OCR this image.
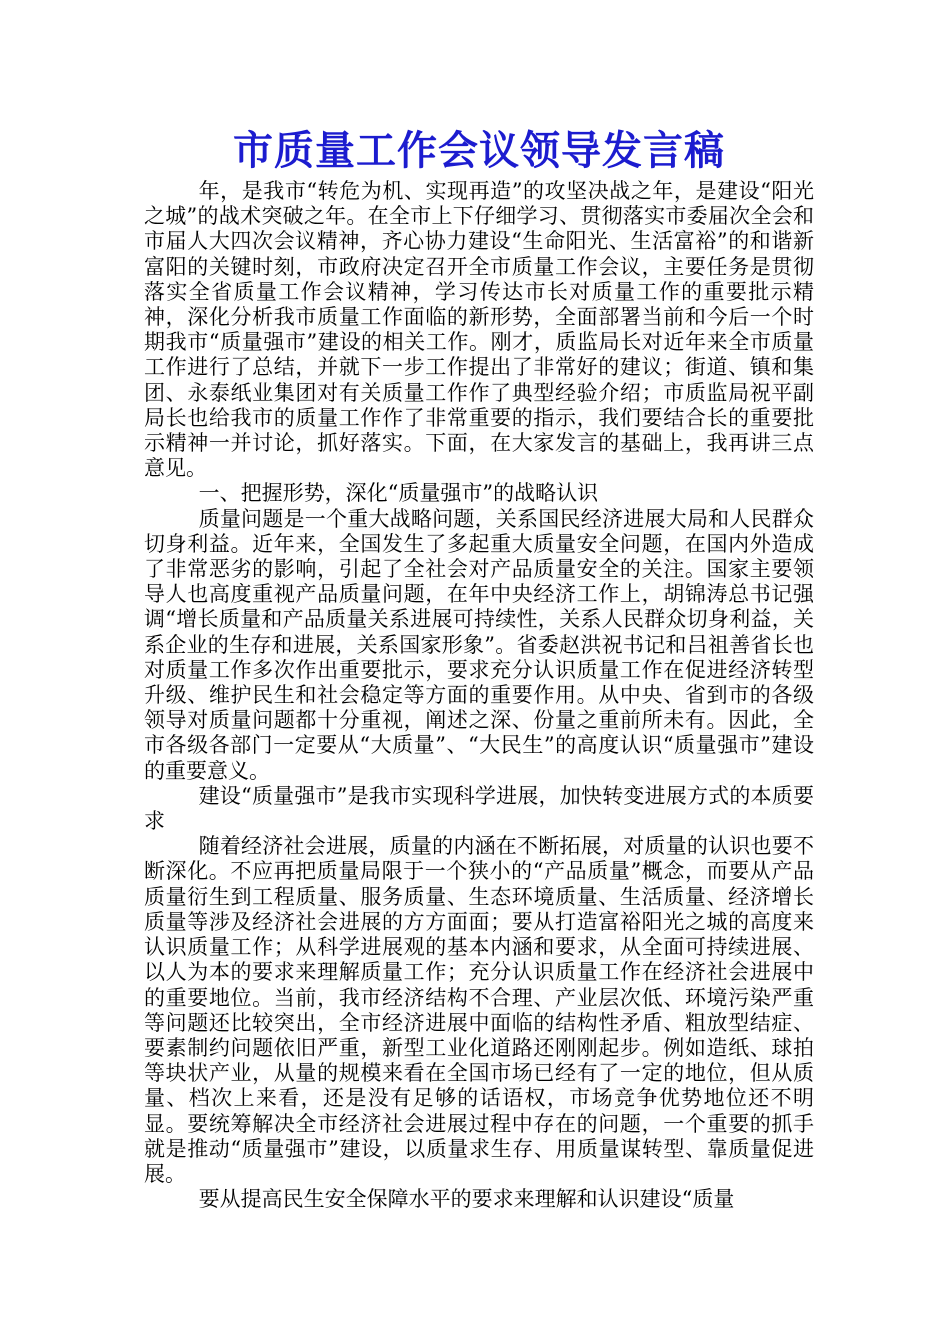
市质量工作会议领导发言稿

年，是我市“转危为机、实现再造”的攻坚决战之年，是建设“阳光之城”的战术突破之年。在全市上下仔细学习、贯彻落实市委届次全会和市届人大四次会议精神，齐心协力建设“生命阳光、生活富裕”的和谐新富阳的关键时刻，市政府决定召开全市质量工作会议，主要任务是贯彻落实全省质量工作会议精神，学习传达市长对质量工作的重要批示精神，深化分析我市质量工作面临的新形势，全面部署当前和今后一个时期我市“质量强市”建设的相关工作。刚才，质监局长对近年来全市质量工作进行了总结，并就下一步工作提出了非常好的建议；街道、镇和集团、永泰纸业集团对有关质量工作作了典型经验介绍；市质监局祝平副局长也给我市的质量工作作了非常重要的指示，我们要结合长的重要批示精神一并讨论，抓好落实。下面，在大家发言的基础上，我再讲三点意见。

一、把握形势，深化“质量强市”的战略认识

质量问题是一个重大战略问题，关系国民经济进展大局和人民群众切身利益。近年来，全国发生了多起重大质量安全问题，在国内外造成了非常恶劣的影响，引起了全社会对产品质量安全的关注。国家主要领导人也高度重视产品质量问题，在年中央经济工作上，胡锦涛总书记强调“增长质量和产品质量关系进展可持续性，关系人民群众切身利益，关系企业的生存和进展，关系国家形象”。省委赵洪祝书记和吕祖善省长也对质量工作多次作出重要批示，要求充分认识质量工作在促进经济转型升级、维护民生和社会稳定等方面的重要作用。从中央、省到市的各级领导对质量问题都十分重视，阐述之深、份量之重前所未有。因此，全市各级各部门一定要从“大质量”、“大民生”的高度认识“质量强市”建设的重要意义。

建设“质量强市”是我市实现科学进展，加快转变进展方式的本质要求

随着经济社会进展，质量的内涵在不断拓展，对质量的认识也要不断深化。不应再把质量局限于一个狭小的“产品质量”概念，而要从产品质量衍生到工程质量、服务质量、生态环境质量、生活质量、经济增长质量等涉及经济社会进展的方方面面；要从打造富裕阳光之城的高度来认识质量工作；从科学进展观的基本内涵和要求，从全面可持续进展、以人为本的要求来理解质量工作；充分认识质量工作在经济社会进展中的重要地位。当前，我市经济结构不合理、产业层次低、环境污染严重等问题还比较突出，全市经济进展中面临的结构性矛盾、粗放型结症、要素制约问题依旧严重，新型工业化道路还刚刚起步。例如造纸、球拍等块状产业，从量的规模来看在全国市场已经有了一定的地位，但从质量、档次上来看，还是没有足够的话语权，市场竞争优势地位还不明显。要统筹解决全市经济社会进展过程中存在的问题，一个重要的抓手就是推动“质量强市”建设，以质量求生存、用质量谋转型、靠质量促进展。

要从提高民生安全保障水平的要求来理解和认识建设“质量
